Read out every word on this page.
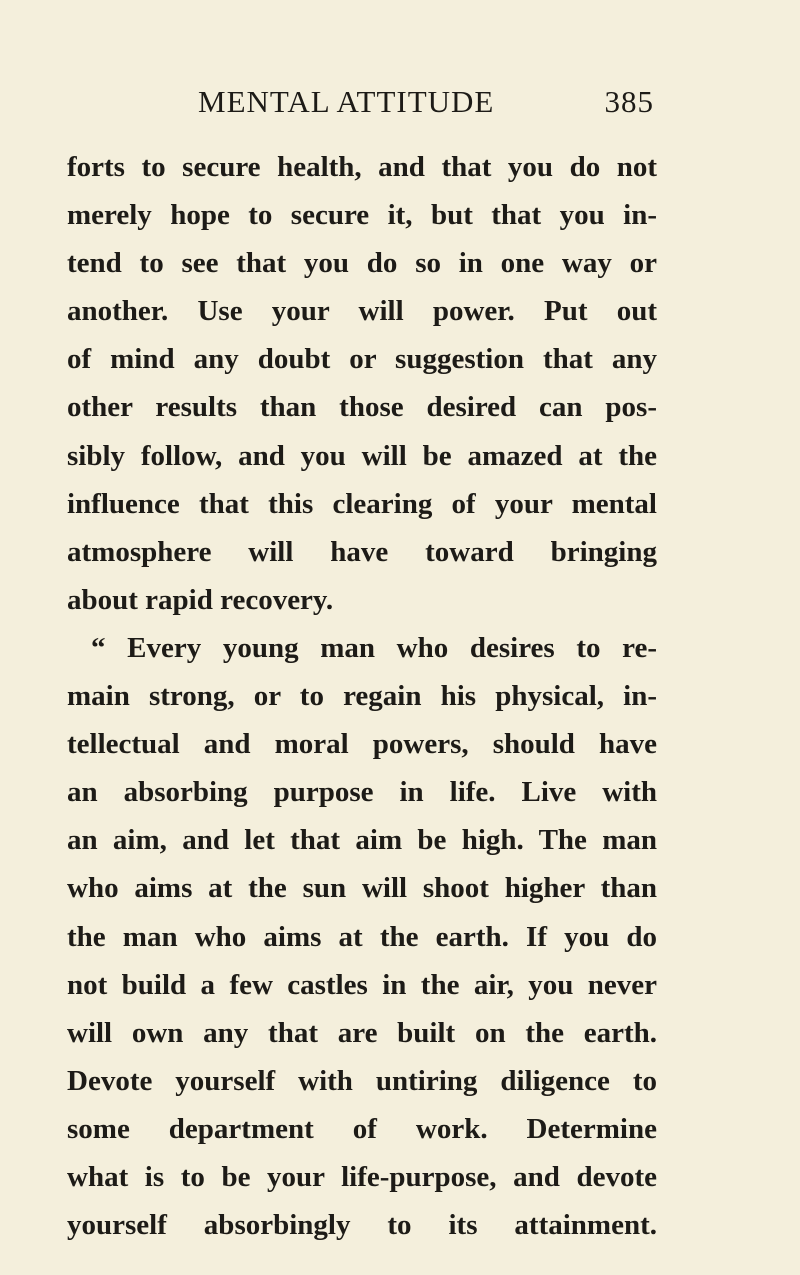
MENTAL ATTITUDE	385
forts to secure health, and that you do not
merely hope to secure it, but that you in-
tend to see that you do so in one way or
another. Use your will power. Put out
of mind any doubt or suggestion that any
other results than those desired can pos-
sibly follow, and you will be amazed at the
influence that this clearing of your mental
atmosphere will have toward bringing
about rapid recovery.
“ Every young man who desires to re-
main strong, or to regain his physical, in-
tellectual and moral powers, should have
an absorbing purpose in life. Live with
an aim, and let that aim be high. The man
who aims at the sun will shoot higher than
the man who aims at the earth. If you do
not build a few castles in the air, you never
will own any that are built on the earth.
Devote yourself with untiring diligence to
some department of work. Determine
what is to be your life-purpose, and devote
yourself absorbingly to its attainment.
